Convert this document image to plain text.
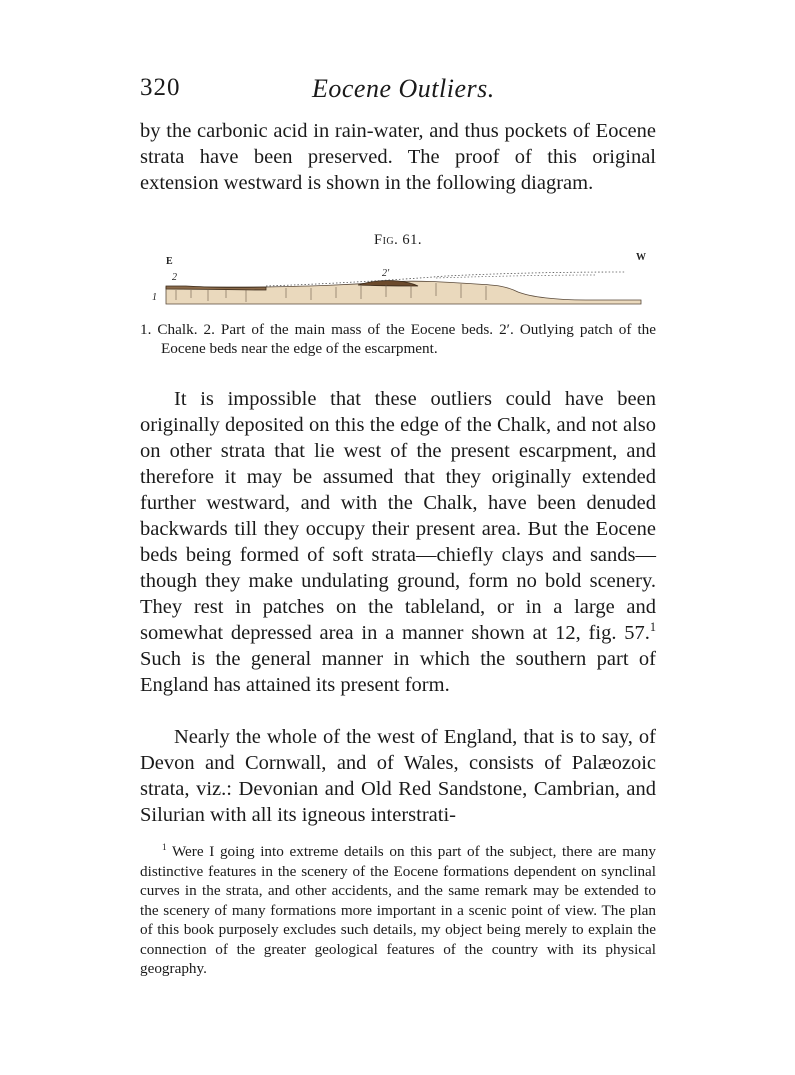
320	Eocene Outliers.

by the carbonic acid in rain-water, and thus pockets of Eocene strata have been preserved. The proof of this original extension westward is shown in the following diagram.

Fig. 61.
E	W
2
1
2′

1. Chalk. 2. Part of the main mass of the Eocene beds. 2′. Outlying patch of the Eocene beds near the edge of the escarpment.

It is impossible that these outliers could have been originally deposited on this the edge of the Chalk, and not also on other strata that lie west of the present escarpment, and therefore it may be assumed that they originally extended further westward, and with the Chalk, have been denuded backwards till they occupy their present area. But the Eocene beds being formed of soft strata—chiefly clays and sands—though they make undulating ground, form no bold scenery. They rest in patches on the tableland, or in a large and somewhat depressed area in a manner shown at 12, fig. 57.$^1$ Such is the general manner in which the southern part of England has attained its present form.

Nearly the whole of the west of England, that is to say, of Devon and Cornwall, and of Wales, consists of Palæozoic strata, viz.: Devonian and Old Red Sandstone, Cambrian, and Silurian with all its igneous interstrati-

$^1$ Were I going into extreme details on this part of the subject, there are many distinctive features in the scenery of the Eocene formations dependent on synclinal curves in the strata, and other accidents, and the same remark may be extended to the scenery of many formations more important in a scenic point of view. The plan of this book purposely excludes such details, my object being merely to explain the connection of the greater geological features of the country with its physical geography.
